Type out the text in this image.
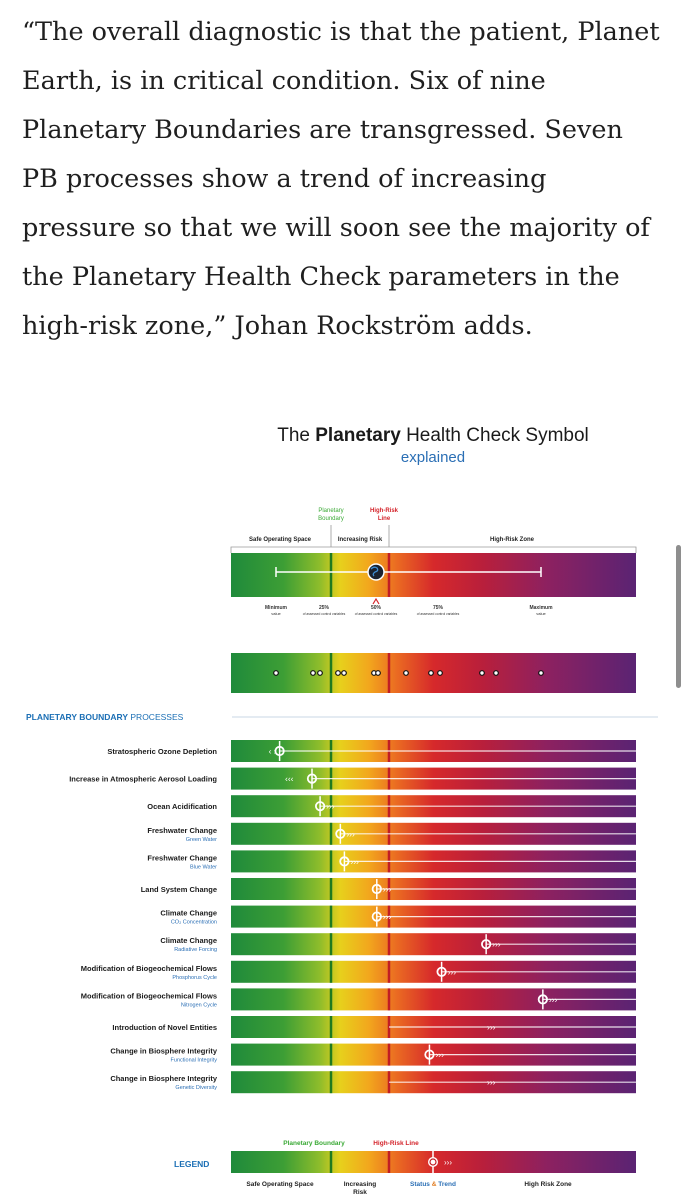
“The overall diagnostic is that the patient, Planet Earth, is in critical condition. Six of nine Planetary Boundaries are transgressed. Seven PB processes show a trend of increasing pressure so that we will soon see the majority of the Planetary Health Check parameters in the high-risk zone,” Johan Rockström adds.

The Planetary Health Check Symbol
explained
Planetary
Boundary
High-Risk
Line
Safe Operating Space	Increasing Risk	High-Risk Zone
Minimum
value
25%
of assessed control variables
50%
of assessed control variables
75%
of assessed control variables
Maximum
value
PLANETARY BOUNDARY PROCESSES
Stratospheric Ozone Depletion	‹ ›
Increase in Atmospheric Aerosol Loading	‹‹‹
Ocean Acidification	›››
Freshwater Change
Green Water
›››
Freshwater Change
Blue Water
›››
Land System Change	›››
Climate Change
CO₂ Concentration
›››
Climate Change
Radiative Forcing
›››
Modification of Biogeochemical Flows
Phosphorus Cycle
›››
Modification of Biogeochemical Flows
Nitrogen Cycle
›››
Introduction of Novel Entities	›››
Change in Biosphere Integrity
Functional Integrity
›››
Change in Biosphere Integrity
Genetic Diversity
›››
Planetary Boundary	High-Risk Line
LEGEND	›››
Safe Operating Space	Increasing
Risk
Status & Trend	High Risk Zone
